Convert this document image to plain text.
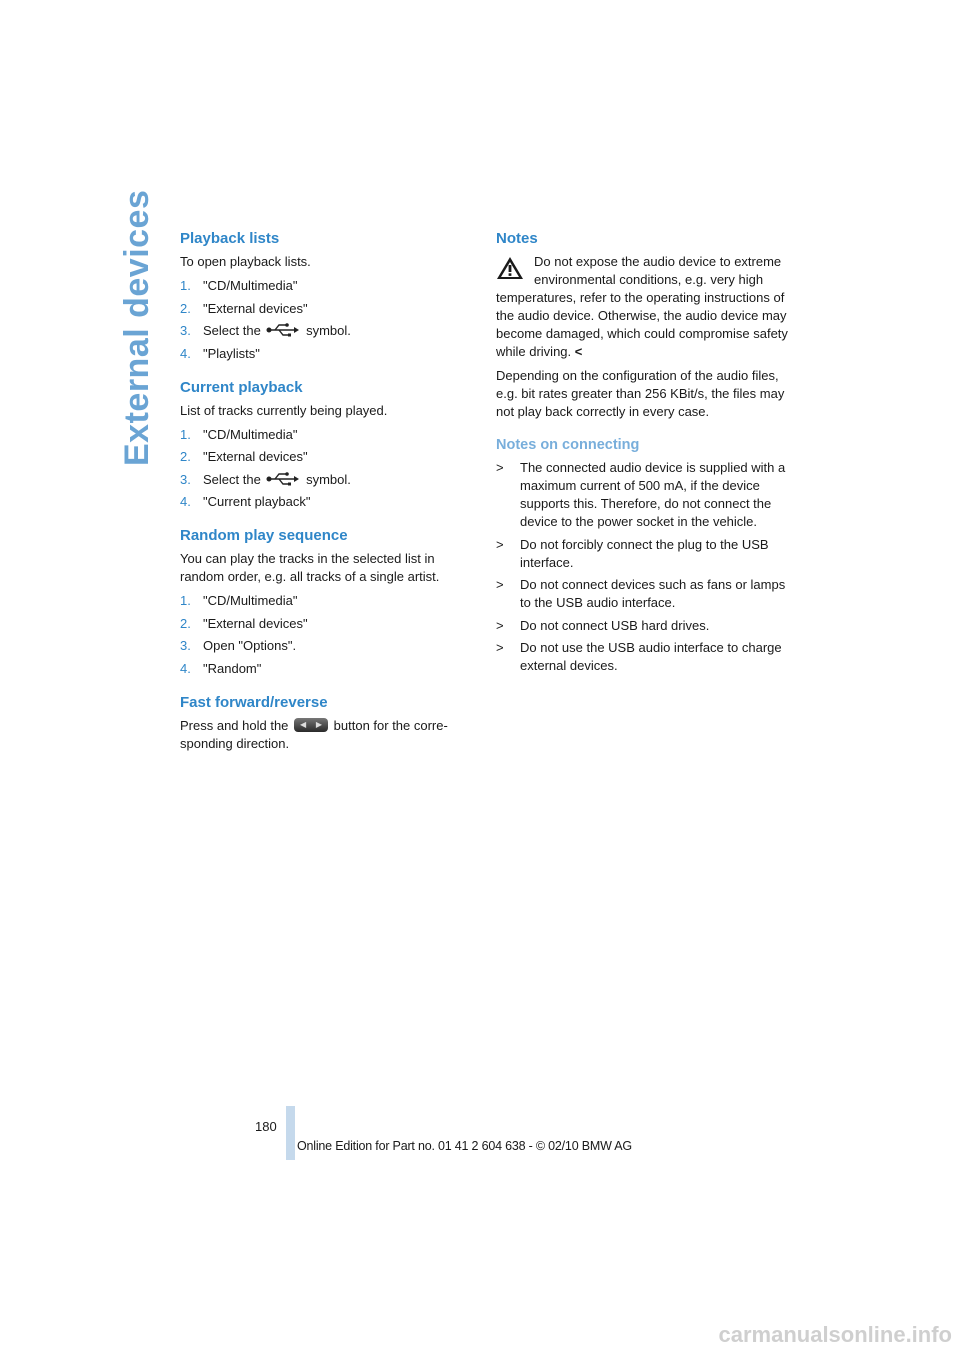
External devices Playback lists

To open playback lists.

1. "CD/Multimedia"
2. "External devices"
3. Select the	symbol.
4. "Playlists"
Current playback

List of tracks currently being played.

1. "CD/Multimedia"
2. "External devices"
3. Select the	symbol.
4. "Current playback"
Random play sequence

You can play the tracks in the selected list in random order, e.g. all tracks of a single artist.

1. "CD/Multimedia"
2. "External devices"
3. Open "Options".
4. "Random"
Fast forward/reverse

Press and hold the ◀ ▶ button for the corre-sponding direction.

Notes

Do not expose the audio device to extreme environmental conditions, e.g. very high temperatures, refer to the operating instructions of the audio device. Otherwise, the audio device may become damaged, which could compromise safety while driving. <

Depending on the configuration of the audio files, e.g. bit rates greater than 256 KBit/s, the files may not play back correctly in every case.

Notes on connecting
>	The connected audio device is supplied with a maximum current of 500 mA, if the device supports this. Therefore, do not connect the device to the power socket in the vehicle.
>	Do not forcibly connect the plug to the USB interface.
>	Do not connect devices such as fans or lamps to the USB audio interface.
>	Do not connect USB hard drives.
>	Do not use the USB audio interface to charge external devices.
180
Online Edition for Part no. 01 41 2 604 638 - © 02/10 BMW AG
carmanualsonline.info
